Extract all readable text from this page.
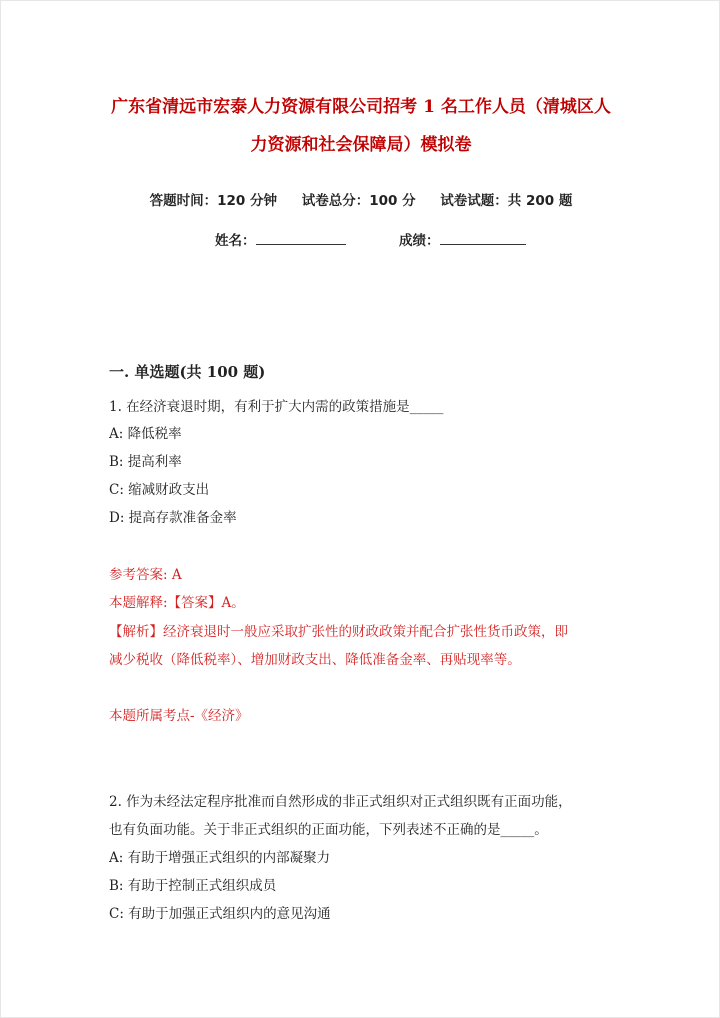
广东省清远市宏泰人力资源有限公司招考 1 名工作人员（清城区人
力资源和社会保障局）模拟卷
答题时间：120 分钟 试卷总分：100 分 试卷试题：共 200 题
姓名：	成绩：
一. 单选题(共 100 题)
1. 在经济衰退时期，有利于扩大内需的政策措施是_____
A: 降低税率
B: 提高利率
C: 缩减财政支出
D: 提高存款准备金率
参考答案: A
本题解释:【答案】A。
【解析】经济衰退时一般应采取扩张性的财政政策并配合扩张性货币政策，即
减少税收（降低税率）、增加财政支出、降低准备金率、再贴现率等。
本题所属考点-《经济》
2. 作为未经法定程序批准而自然形成的非正式组织对正式组织既有正面功能，
也有负面功能。关于非正式组织的正面功能，下列表述不正确的是_____。
A: 有助于增强正式组织的内部凝聚力
B: 有助于控制正式组织成员
C: 有助于加强正式组织内的意见沟通
